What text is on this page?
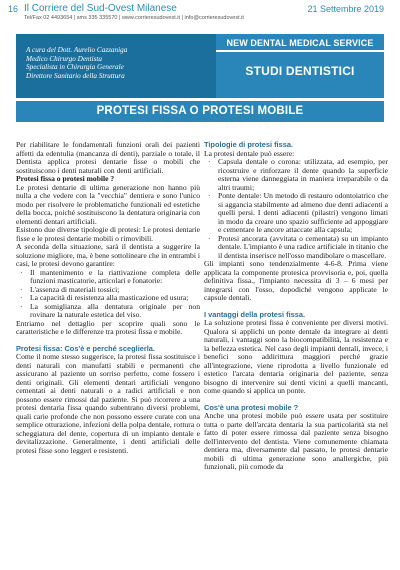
16 Il Corriere del Sud-Ovest Milanese
Tel/Fax 02 4493654 | sms 335 335570 | www.corrieresudovest.it | info@corrieresudovest.it
21 Settembre 2019
A cura del Dott. Aurelio Cazzaniga
Medico Chirurgo Dentista
Specialista in Chirurgia Generale
Direttore Sanitario della Struttura
NEW DENTAL MEDICAL SERVICE
STUDI DENTISTICI
PROTESI FISSA O PROTESI MOBILE

Per riabilitare le fondamentali funzioni orali dei pazienti affetti da edentulia (mancanza di denti), parziale o totale, il Dentista applica protesi dentarie fisse o mobili che sostituiscono i denti naturali con denti artificiali.

Protesi fissa o protesi mobile ?

Le protesi dentarie di ultima generazione non hanno più nulla a che vedere con la "vecchia" dentiera e sono l'unico modo per risolvere le problematiche funzionali ed estetiche della bocca, poiché sostituiscono la dentatura originaria con elementi dentari artificiali.

Esistono due diverse tipologie di protesi: Le protesi dentarie fisse e le protesi dentarie mobili o rimovibili.

A seconda della situazione, sarà il dentista a suggerire la soluzione migliore, ma, è bene sottolineare che in entrambi i casi, le protesi devono garantire:

· Il mantenimento e la riattivazione completa delle funzioni masticatorie, articolari e fonatorie:
· L'assenza di materiali tossici;
· La capacità di resistenza alla masticazione ed usura;
· La somiglianza alla dentatura originale per non rovinare la naturale estetica del viso.

Entriamo nel dettaglio per scoprire quali sono le caratteristiche e le differenze tra protesi fissa e mobile.

Protesi fissa: Cos'è e perché sceglierla.

Come il nome stesso suggerisce, la protesi fissa sostituisce i denti naturali con manufatti stabili e permanenti che assicurano al paziente un sorriso perfetto, come fossero i denti originali. Gli elementi dentari artificiali vengono cementati ai denti naturali o a radici artificiali e non possono essere rimossi dal paziente. Si può ricorrere a una protesi dentaria fissa quando subentrano diversi problemi, quali carie profonde che non possono essere curate con una semplice otturazione, infezioni della polpa dentale, rottura o scheggiatura del dente, copertura di un impianto dentale e devitalizzazione. Generalmente, i denti artificiali delle protesi fisse sono leggeri e resistenti.

Tipologie di protesi fissa.

La protesi dentale può essere:

· Capsula dentale o corona: utilizzata, ad esempio, per ricostruire e rinforzare il dente quando la superficie esterna viene danneggiata in maniera irreparabile o da altri traumi;
· Ponte dentale: Un metodo di restauro odontoiatrico che si aggancia stabilmente ad almeno due denti adiacenti a quelli persi. I denti adiacenti (pilastri) vengono limati in modo da creare uno spazio sufficiente ad appoggiare e cementare le ancore attaccate alla capsula;
· Protesi ancorata (avvitata o cementata) su un impianto dentale. L'impianto è una radice artificiale in titanio che il dentista inserisce nell'osso mandibolare o mascellare.

Gli impianti sono tendenzialmente 4-6-8. Prima viene applicata la componente protesica provvisoria e, poi, quella definitiva fissa., l'impianto necessita di 3 – 6 mesi per integrarsi con l'osso, dopodiché vengono applicate le capsule dentali.

I vantaggi della protesi fissa.

La soluzione protesi fissa è conveniente per diversi motivi. Qualora si applichi un ponte dentale da integrare ai denti naturali, i vantaggi sono la biocompatibilità, la resistenza e la bellezza estetica. Nel caso degli impianti dentali, invece, i benefici sono addirittura maggiori perché grazie all'integrazione, viene riprodotta a livello funzionale ed estetico l'arcata dentaria originaria del paziente, senza bisogno di intervenire sui denti vicini a quelli mancanti, come quando si applica un ponte.

Cos'è una protesi mobile ?

Anche una protesi mobile può essere usata per sostituire tutta o parte dell'arcata dentaria la sua particolarità sta nel fatto di poter essere rimossa dal paziente senza bisogno dell'intervento del dentista. Viene comunemente chiamata dentiera ma, diversamente dal passato, le protesi dentarie mobili di ultima generazione sono anallergiche, più funzionali, più comode da
